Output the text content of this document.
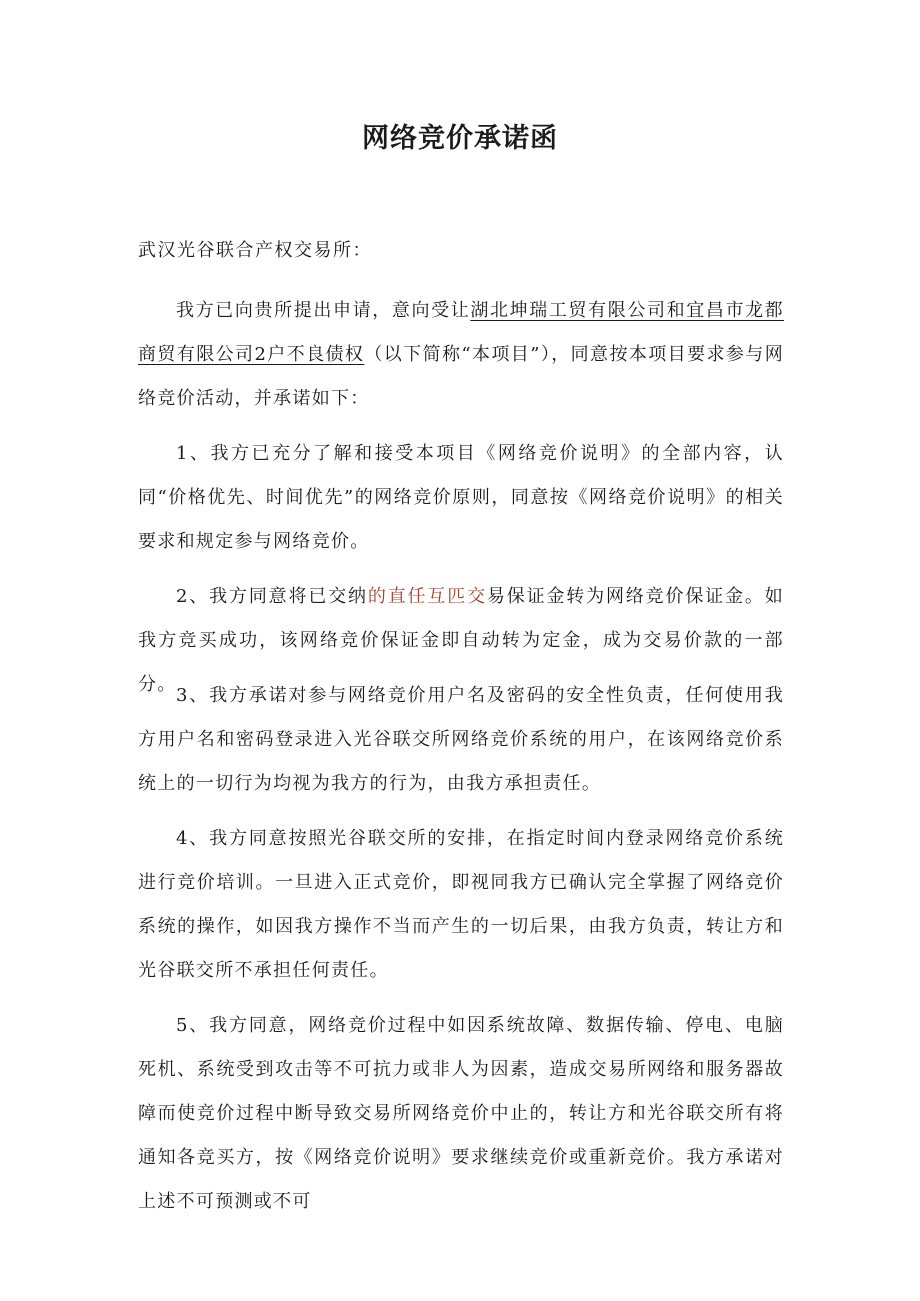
网络竞价承诺函
武汉光谷联合产权交易所：

我方已向贵所提出申请，意向受让湖北坤瑞工贸有限公司和宜昌市龙都商贸有限公司2户不良债权（以下简称“本项目”），同意按本项目要求参与网络竞价活动，并承诺如下：

1、我方已充分了解和接受本项目《网络竞价说明》的全部内容，认同“价格优先、时间优先”的网络竞价原则，同意按《网络竞价说明》的相关要求和规定参与网络竞价。

2、我方同意将已交纳的直任互匹交易保证金转为网络竞价保证金。如我方竞买成功，该网络竞价保证金即自动转为定金，成为交易价款的一部分。

3、我方承诺对参与网络竞价用户名及密码的安全性负责，任何使用我方用户名和密码登录进入光谷联交所网络竞价系统的用户，在该网络竞价系统上的一切行为均视为我方的行为，由我方承担责任。

4、我方同意按照光谷联交所的安排，在指定时间内登录网络竞价系统进行竞价培训。一旦进入正式竞价，即视同我方已确认完全掌握了网络竞价系统的操作，如因我方操作不当而产生的一切后果，由我方负责，转让方和光谷联交所不承担任何责任。

5、我方同意，网络竞价过程中如因系统故障、数据传输、停电、电脑死机、系统受到攻击等不可抗力或非人为因素，造成交易所网络和服务器故障而使竞价过程中断导致交易所网络竞价中止的，转让方和光谷联交所有将通知各竞买方，按《网络竞价说明》要求继续竞价或重新竞价。我方承诺对上述不可预测或不可
